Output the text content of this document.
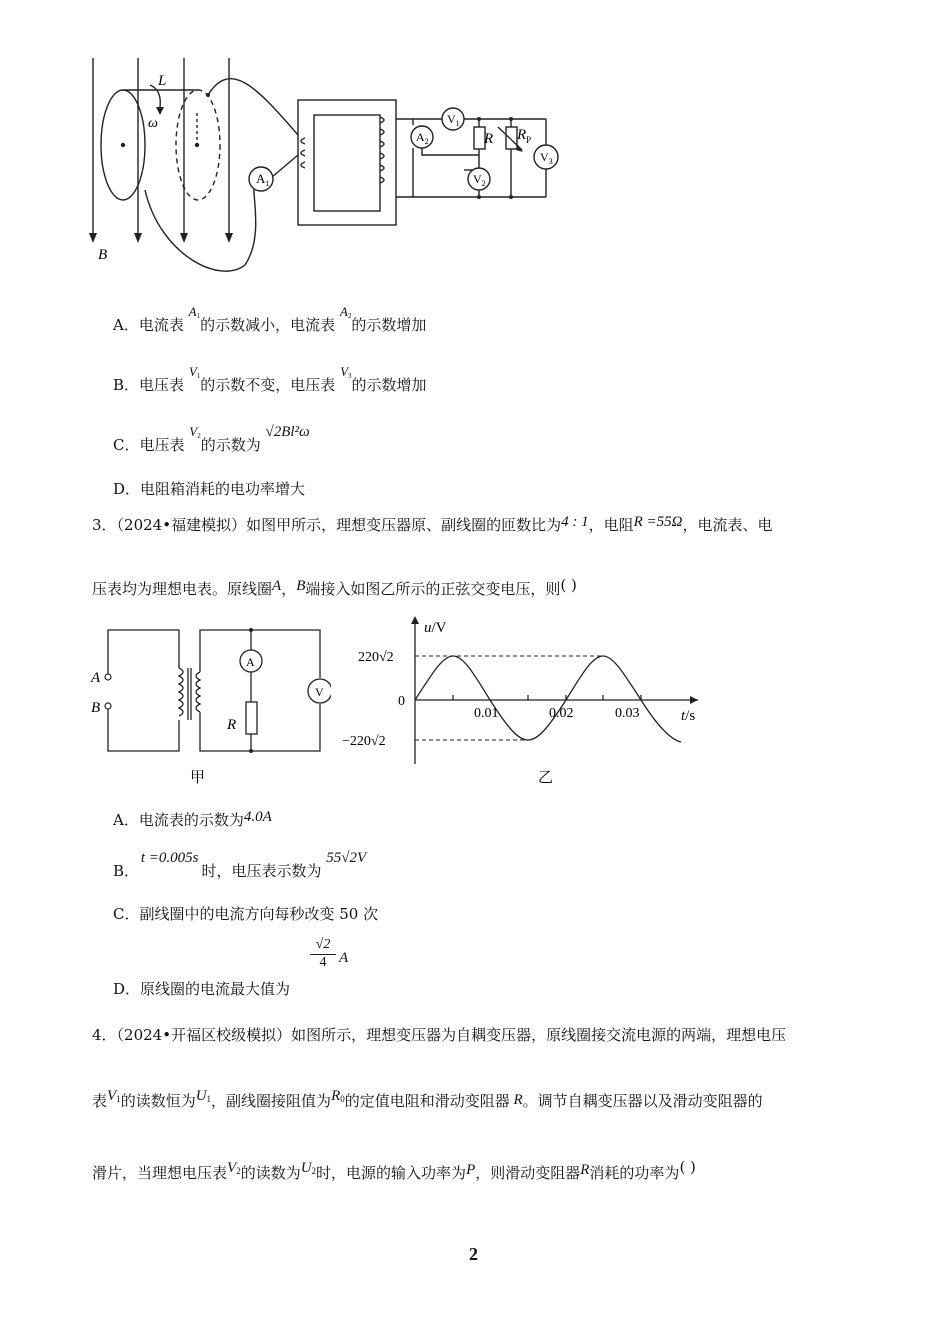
$A_1$
$V_1$
$A_2$
$V_2$
$V_3$
L
ω
B
R $R_P$
A．电流表 $A_1$的示数减小，电流表 $A_2$的示数增加
B．电压表 $V_1$的示数不变，电压表 $V_3$的示数增加
C．电压表 $V_2$的示数为 √2Bl²ω
D．电阻箱消耗的电功率增大
3．（2024•福建模拟）如图甲所示，理想变压器原、副线圈的匝数比为4 : 1，电阻R =55Ω，电流表、电
压表均为理想电表。原线圈A，B端接入如图乙所示的正弦交变电压，则( )
A
B
R
A
V
甲
u/V
220√2
0
−220√2
0.01	0.02	0.03	t/s
乙
A．电流表的示数为4.0A
B． t =0.005s时，电压表示数为 55√2V
C．副线圈中的电流方向每秒改变 50 次
D．原线圈的电流最大值为
√2
4 A
4．（2024•开福区校级模拟）如图所示，理想变压器为自耦变压器，原线圈接交流电源的两端，理想电压
表$V_1$的读数恒为$U_1$，副线圈接阻值为$R_0$的定值电阻和滑动变阻器 R。调节自耦变压器以及滑动变阻器的
滑片，当理想电压表$V_2$的读数为$U_2$时，电源的输入功率为P，则滑动变阻器R消耗的功率为( )
2
